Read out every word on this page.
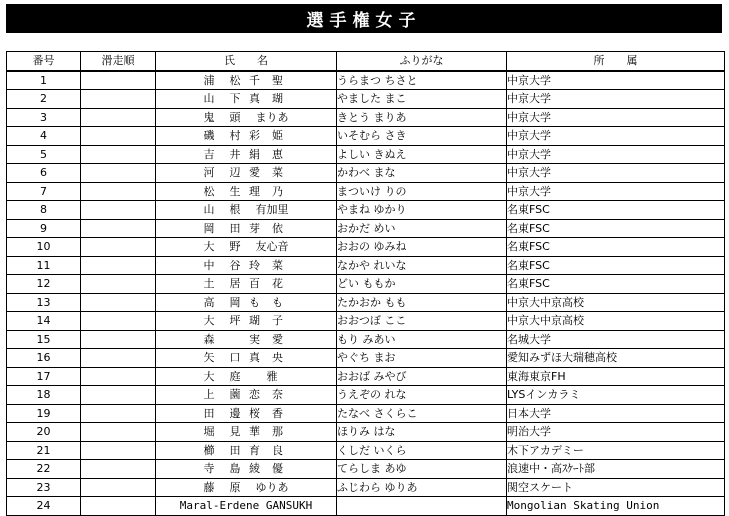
選手権女子
番号	滑走順	氏　　名	ふりがな	所　　属
1		浦 松 千聖	うらまつ ちさと	中京大学
2		山 下 真瑚	やました まこ	中京大学
3		鬼 頭 まりあ	きとう まりあ	中京大学
4		磯 村 彩姫	いそむら さき	中京大学
5		吉 井 絹恵	よしい きぬえ	中京大学
6		河 辺 愛菜	かわべ まな	中京大学
7		松 生 理乃	まついけ りの	中京大学
8		山 根 有加里	やまね ゆかり	名東FSC
9		岡 田 芽依	おかだ めい	名東FSC
10		大 野 友心音	おおの ゆみね	名東FSC
11		中 谷 玲菜	なかや れいな	名東FSC
12		土 居 百花	どい ももか	名東FSC
13		高 岡 もも	たかおか もも	中京大中京高校
14		大 坪 瑚子	おおつぼ ここ	中京大中京高校
15		森 実愛	もり みあい	名城大学
16		矢 口 真央	やぐち まお	愛知みずほ大瑞穂高校
17		大 庭 雅	おおば みやび	東海東京FH
18		上 薗 恋奈	うえぞの れな	LYSインカラミ
19		田 邊 桜香	たなべ さくらこ	日本大学
20		堀 見 華那	ほりみ はな	明治大学
21		櫛 田 育良	くしだ いくら	木下アカデミー
22		寺 島 綾優	てらしま あゆ	浪速中・高ｽｹｰﾄ部
23		藤 原 ゆりあ	ふじわら ゆりあ	関空スケート
24		Maral-Erdene GANSUKH		Mongolian Skating Union
